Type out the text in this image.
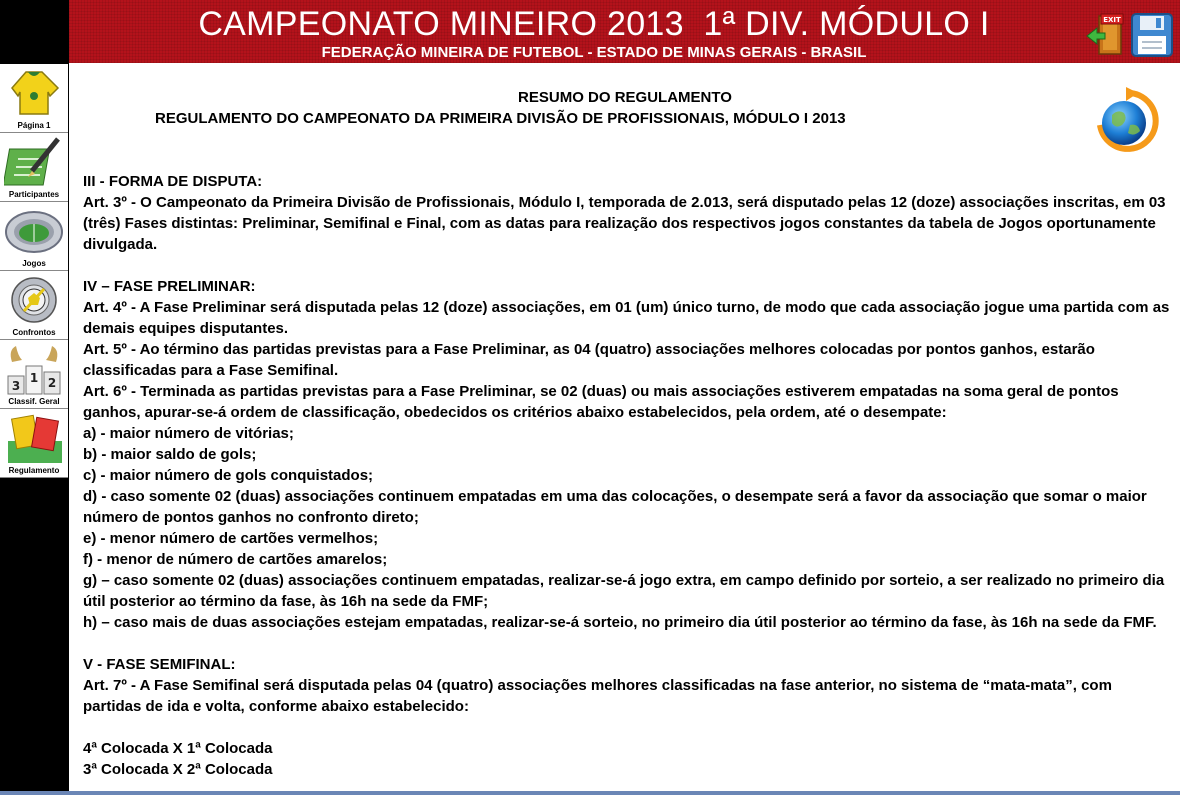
Página 1
Participantes
Jogos
Confrontos
3
1 2
Classif. Geral
Regulamento
CAMPEONATO MINEIRO 2013  1ª DIV. MÓDULO I
FEDERAÇÃO MINEIRA DE FUTEBOL - ESTADO DE MINAS GERAIS - BRASIL
EXIT
RESUMO DO REGULAMENTO
REGULAMENTO DO CAMPEONATO DA PRIMEIRA DIVISÃO DE PROFISSIONAIS, MÓDULO I 2013
III - FORMA DE DISPUTA:
Art. 3º - O Campeonato da Primeira Divisão de Profissionais, Módulo I, temporada de 2.013, será disputado pelas 12 (doze) associações inscritas, em 03 (três) Fases distintas: Preliminar, Semifinal e Final, com as datas para realização dos respectivos jogos constantes da tabela de Jogos oportunamente divulgada.
IV – FASE PRELIMINAR:
Art. 4º - A Fase Preliminar será disputada pelas 12 (doze) associações, em 01 (um) único turno, de modo que cada associação jogue uma partida com as demais equipes disputantes.
Art. 5º - Ao término das partidas previstas para a Fase Preliminar, as 04 (quatro) associações melhores colocadas por pontos ganhos, estarão classificadas para a Fase Semifinal.
Art. 6º - Terminada as partidas previstas para a Fase Preliminar, se 02 (duas) ou mais associações estiverem empatadas na soma geral de pontos ganhos, apurar-se-á ordem de classificação, obedecidos os critérios abaixo estabelecidos, pela ordem, até o desempate:
a) - maior número de vitórias;
b) - maior saldo de gols;
c) - maior número de gols conquistados;
d) - caso somente 02 (duas) associações continuem empatadas em uma das colocações, o desempate será a favor da associação que somar o maior número de pontos ganhos no confronto direto;
e) - menor número de cartões vermelhos;
f) - menor de número de cartões amarelos;
g) – caso somente 02 (duas) associações continuem empatadas, realizar-se-á jogo extra, em campo definido por sorteio, a ser realizado no primeiro dia útil posterior ao término da fase, às 16h na sede da FMF;
h) – caso mais de duas associações estejam empatadas, realizar-se-á sorteio, no primeiro dia útil posterior ao término da fase, às 16h na sede da FMF.
V - FASE SEMIFINAL:
Art. 7º - A Fase Semifinal será disputada pelas 04 (quatro) associações melhores classificadas na fase anterior, no sistema de “mata-mata”, com partidas de ida e volta, conforme abaixo estabelecido:
4ª Colocada X 1ª Colocada
3ª Colocada X 2ª Colocada
